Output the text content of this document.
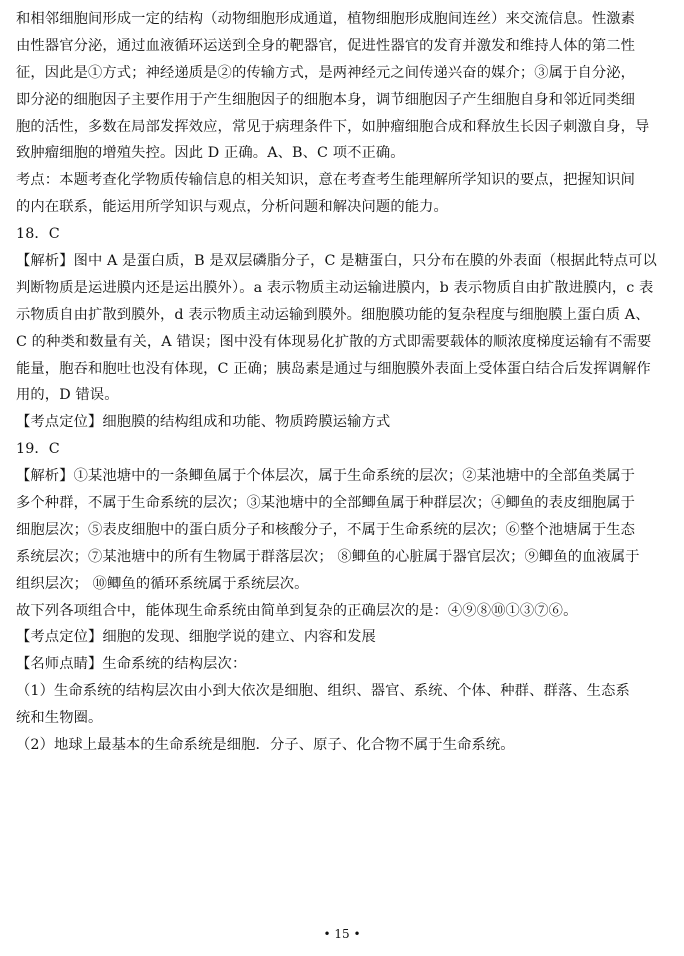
和相邻细胞间形成一定的结构（动物细胞形成通道，植物细胞形成胞间连丝）来交流信息。性激素
由性器官分泌，通过血液循环运送到全身的靶器官，促进性器官的发育并激发和维持人体的第二性
征，因此是①方式；神经递质是②的传输方式，是两神经元之间传递兴奋的媒介；③属于自分泌，
即分泌的细胞因子主要作用于产生细胞因子的细胞本身，调节细胞因子产生细胞自身和邻近同类细
胞的活性，多数在局部发挥效应，常见于病理条件下，如肿瘤细胞合成和释放生长因子刺激自身，导
致肿瘤细胞的增殖失控。因此 D 正确。A、B、C 项不正确。
考点：本题考查化学物质传输信息的相关知识，意在考查考生能理解所学知识的要点，把握知识间
的内在联系，能运用所学知识与观点，分析问题和解决问题的能力。
18．C
【解析】图中 A 是蛋白质，B 是双层磷脂分子，C 是糖蛋白，只分布在膜的外表面（根据此特点可以
判断物质是运进膜内还是运出膜外）。a 表示物质主动运输进膜内，b 表示物质自由扩散进膜内，c 表
示物质自由扩散到膜外，d 表示物质主动运输到膜外。细胞膜功能的复杂程度与细胞膜上蛋白质 A、
C 的种类和数量有关，A 错误；图中没有体现易化扩散的方式即需要载体的顺浓度梯度运输有不需要
能量，胞吞和胞吐也没有体现，C 正确；胰岛素是通过与细胞膜外表面上受体蛋白结合后发挥调解作
用的，D 错误。
【考点定位】细胞膜的结构组成和功能、物质跨膜运输方式
19．C
【解析】①某池塘中的一条鲫鱼属于个体层次，属于生命系统的层次；②某池塘中的全部鱼类属于
多个种群，不属于生命系统的层次；③某池塘中的全部鲫鱼属于种群层次；④鲫鱼的表皮细胞属于
细胞层次；⑤表皮细胞中的蛋白质分子和核酸分子，不属于生命系统的层次；⑥整个池塘属于生态
系统层次；⑦某池塘中的所有生物属于群落层次； ⑧鲫鱼的心脏属于器官层次；⑨鲫鱼的血液属于
组织层次； ⑩鲫鱼的循环系统属于系统层次。
故下列各项组合中，能体现生命系统由简单到复杂的正确层次的是：④⑨⑧⑩①③⑦⑥。
【考点定位】细胞的发现、细胞学说的建立、内容和发展
【名师点睛】生命系统的结构层次：
（1）生命系统的结构层次由小到大依次是细胞、组织、器官、系统、个体、种群、群落、生态系
统和生物圈。
（2）地球上最基本的生命系统是细胞．分子、原子、化合物不属于生命系统。
• 15 •
